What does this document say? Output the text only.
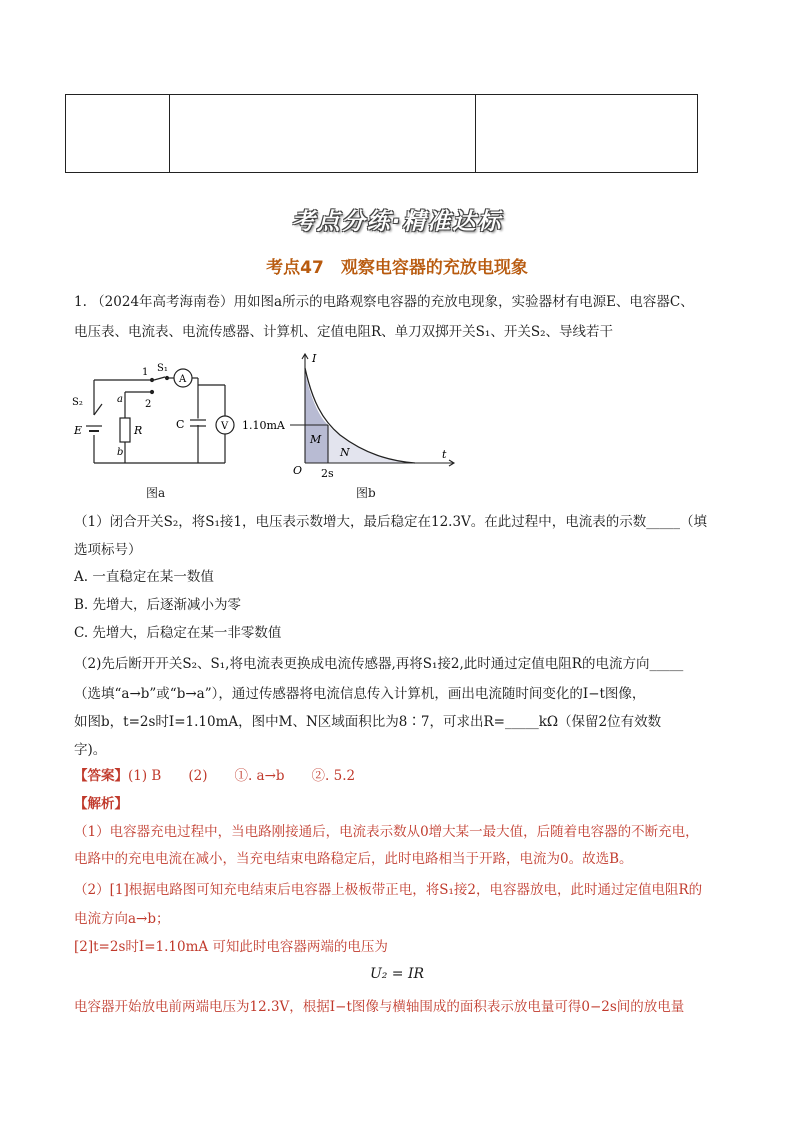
考点分练·精准达标
考点47　观察电容器的充放电现象
1. （2024年高考海南卷）用如图a所示的电路观察电容器的充放电现象，实验器材有电源E、电容器C、
电压表、电流表、电流传感器、计算机、定值电阻R、单刀双掷开关S₁、开关S₂、导线若干
S₂
E
1 S₁
2
a
R
b
C
A
V
图a
I
t
O
1.10mA
2s
M
N
图b
（1）闭合开关S₂，将S₁接1，电压表示数增大，最后稳定在12.3V。在此过程中，电流表的示数_____（填
选项标号）
A. 一直稳定在某一数值
B. 先增大，后逐渐减小为零
C. 先增大，后稳定在某一非零数值
（2)先后断开开关S₂、S₁,将电流表更换成电流传感器,再将S₁接2,此时通过定值电阻R的电流方向_____
（选填“a→b”或“b→a”），通过传感器将电流信息传入计算机，画出电流随时间变化的I−t图像，
如图b，t=2s时I=1.10mA，图中M、N区域面积比为8∶7，可求出R=_____kΩ（保留2位有效数
字)。
【答案】(1) B　　(2)　　①. a→b　　②. 5.2
【解析】
（1）电容器充电过程中，当电路刚接通后，电流表示数从0增大某一最大值，后随着电容器的不断充电，
电路中的充电电流在减小，当充电结束电路稳定后，此时电路相当于开路，电流为0。故选B。
（2）[1]根据电路图可知充电结束后电容器上极板带正电，将S₁接2，电容器放电，此时通过定值电阻R的
电流方向a→b；
[2]t=2s时I=1.10mA 可知此时电容器两端的电压为
U₂ = IR
电容器开始放电前两端电压为12.3V，根据I−t图像与横轴围成的面积表示放电量可得0−2s间的放电量
